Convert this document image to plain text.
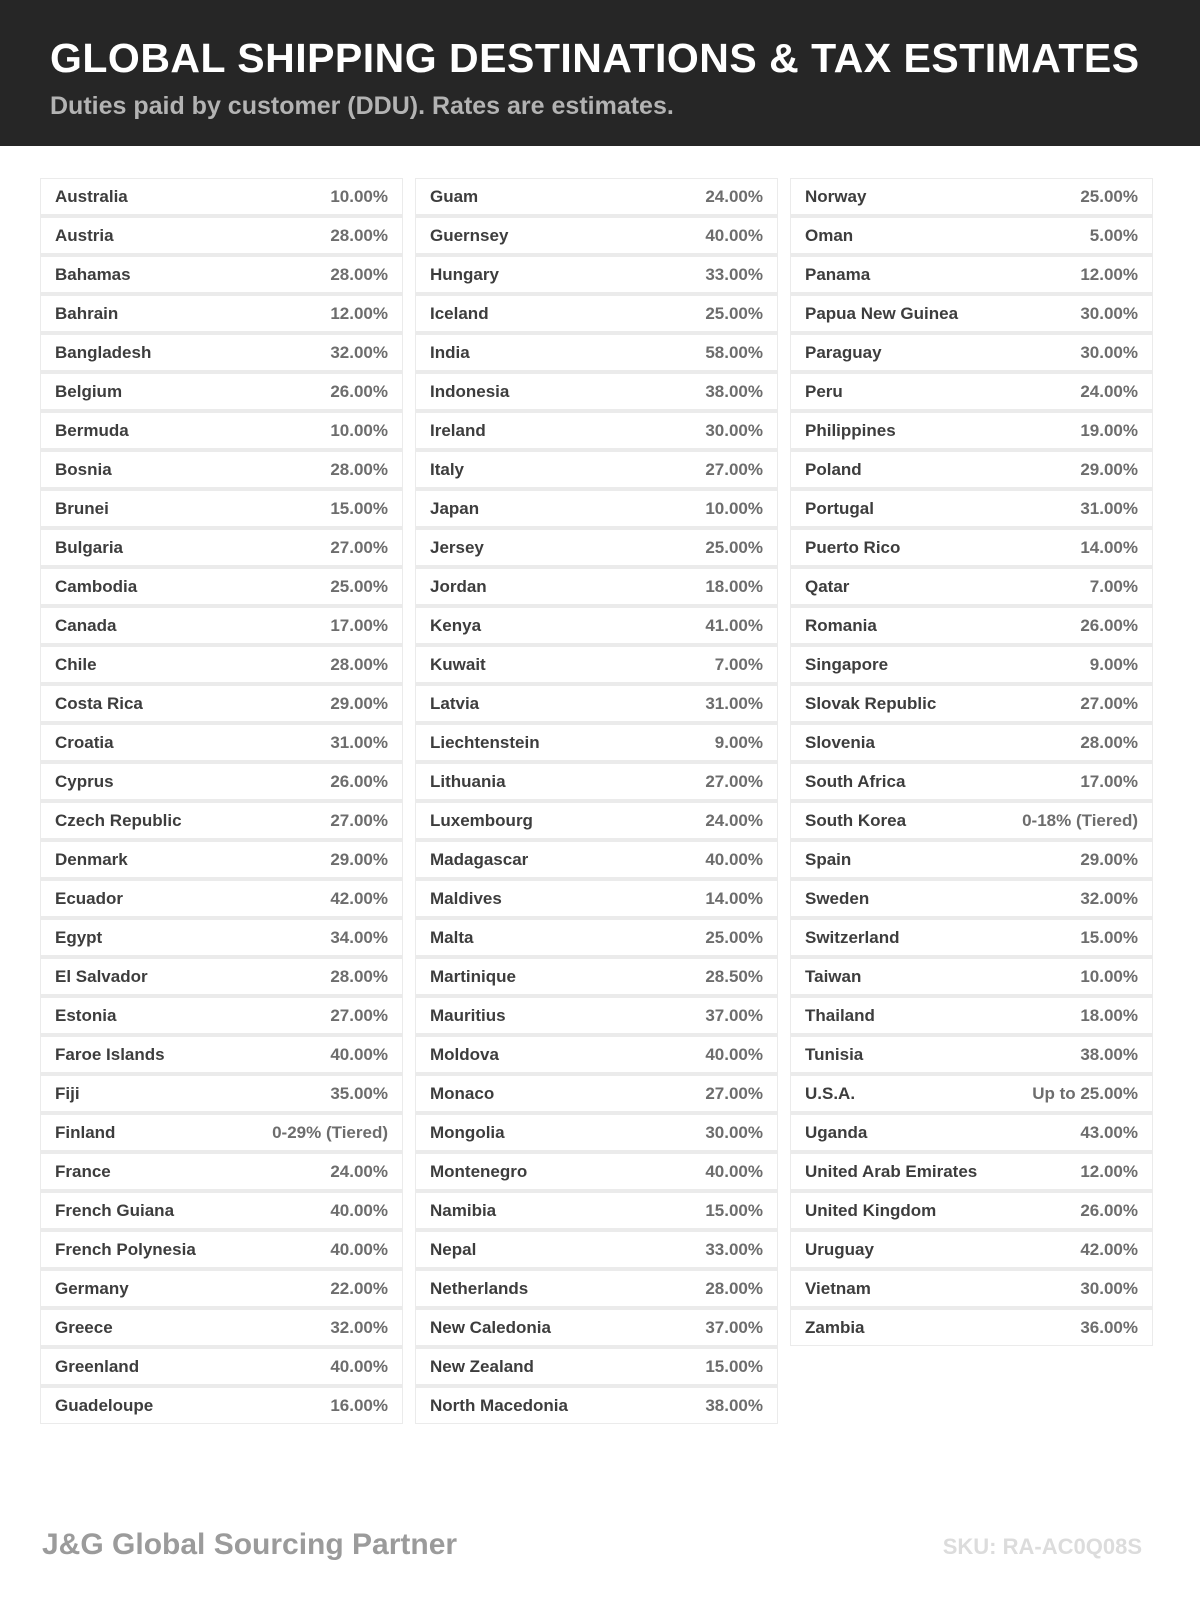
GLOBAL SHIPPING DESTINATIONS & TAX ESTIMATES
Duties paid by customer (DDU). Rates are estimates.
Australia	10.00%
Austria	28.00%
Bahamas	28.00%
Bahrain	12.00%
Bangladesh	32.00%
Belgium	26.00%
Bermuda	10.00%
Bosnia	28.00%
Brunei	15.00%
Bulgaria	27.00%
Cambodia	25.00%
Canada	17.00%
Chile	28.00%
Costa Rica	29.00%
Croatia	31.00%
Cyprus	26.00%
Czech Republic	27.00%
Denmark	29.00%
Ecuador	42.00%
Egypt	34.00%
El Salvador	28.00%
Estonia	27.00%
Faroe Islands	40.00%
Fiji	35.00%
Finland	0-29% (Tiered)
France	24.00%
French Guiana	40.00%
French Polynesia	40.00%
Germany	22.00%
Greece	32.00%
Greenland	40.00%
Guadeloupe	16.00%
Guam	24.00%
Guernsey	40.00%
Hungary	33.00%
Iceland	25.00%
India	58.00%
Indonesia	38.00%
Ireland	30.00%
Italy	27.00%
Japan	10.00%
Jersey	25.00%
Jordan	18.00%
Kenya	41.00%
Kuwait	7.00%
Latvia	31.00%
Liechtenstein	9.00%
Lithuania	27.00%
Luxembourg	24.00%
Madagascar	40.00%
Maldives	14.00%
Malta	25.00%
Martinique	28.50%
Mauritius	37.00%
Moldova	40.00%
Monaco	27.00%
Mongolia	30.00%
Montenegro	40.00%
Namibia	15.00%
Nepal	33.00%
Netherlands	28.00%
New Caledonia	37.00%
New Zealand	15.00%
North Macedonia	38.00%
Norway	25.00%
Oman	5.00%
Panama	12.00%
Papua New Guinea	30.00%
Paraguay	30.00%
Peru	24.00%
Philippines	19.00%
Poland	29.00%
Portugal	31.00%
Puerto Rico	14.00%
Qatar	7.00%
Romania	26.00%
Singapore	9.00%
Slovak Republic	27.00%
Slovenia	28.00%
South Africa	17.00%
South Korea	0-18% (Tiered)
Spain	29.00%
Sweden	32.00%
Switzerland	15.00%
Taiwan	10.00%
Thailand	18.00%
Tunisia	38.00%
U.S.A.	Up to 25.00%
Uganda	43.00%
United Arab Emirates	12.00%
United Kingdom	26.00%
Uruguay	42.00%
Vietnam	30.00%
Zambia	36.00%
J&G Global Sourcing Partner	SKU: RA-AC0Q08S
